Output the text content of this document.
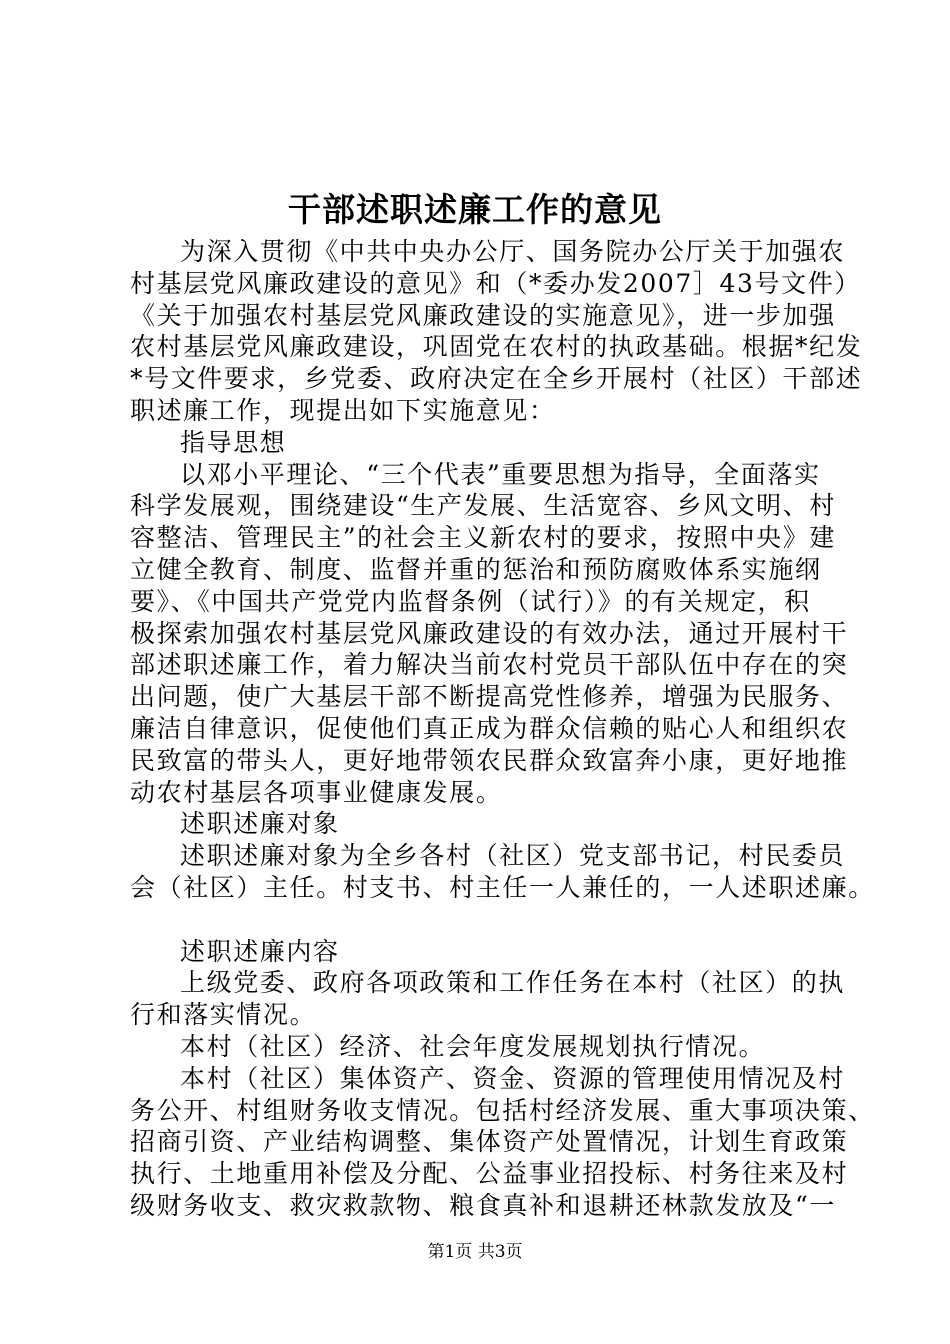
干部述职述廉工作的意见
为深入贯彻《中共中央办公厅、国务院办公厅关于加强农
村基层党风廉政建设的意见》和（*委办发2007］43号文件）
《关于加强农村基层党风廉政建设的实施意见》，进一步加强
农村基层党风廉政建设，巩固党在农村的执政基础。根据*纪发
*号文件要求，乡党委、政府决定在全乡开展村（社区）干部述
职述廉工作，现提出如下实施意见：
指导思想
以邓小平理论、“三个代表”重要思想为指导，全面落实
科学发展观，围绕建设“生产发展、生活宽容、乡风文明、村
容整洁、管理民主”的社会主义新农村的要求，按照中央》建
立健全教育、制度、监督并重的惩治和预防腐败体系实施纲
要》、《中国共产党党内监督条例（试行）》的有关规定，积
极探索加强农村基层党风廉政建设的有效办法，通过开展村干
部述职述廉工作，着力解决当前农村党员干部队伍中存在的突
出问题，使广大基层干部不断提高党性修养，增强为民服务、
廉洁自律意识，促使他们真正成为群众信赖的贴心人和组织农
民致富的带头人，更好地带领农民群众致富奔小康，更好地推
动农村基层各项事业健康发展。
述职述廉对象
述职述廉对象为全乡各村（社区）党支部书记，村民委员
会（社区）主任。村支书、村主任一人兼任的，一人述职述廉。
述职述廉内容
上级党委、政府各项政策和工作任务在本村（社区）的执
行和落实情况。
本村（社区）经济、社会年度发展规划执行情况。
本村（社区）集体资产、资金、资源的管理使用情况及村
务公开、村组财务收支情况。包括村经济发展、重大事项决策、
招商引资、产业结构调整、集体资产处置情况，计划生育政策
执行、土地重用补偿及分配、公益事业招投标、村务往来及村
级财务收支、救灾救款物、粮食真补和退耕还林款发放及“一
第1页 共3页
